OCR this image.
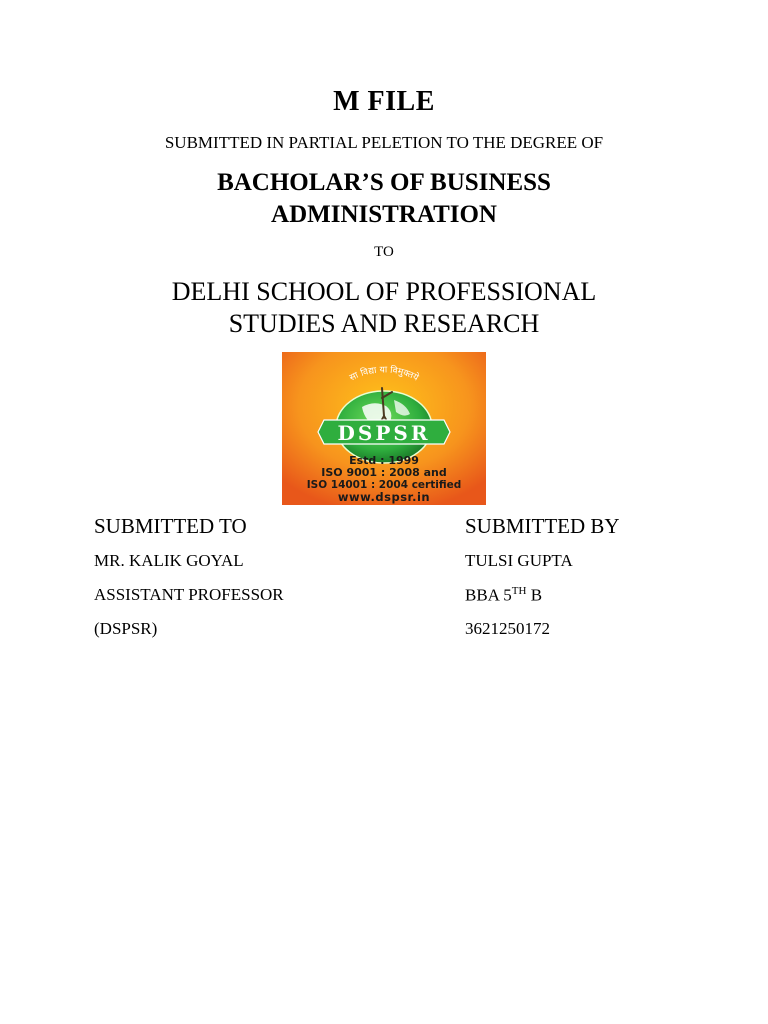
M FILE

SUBMITTED IN PARTIAL PELETION TO THE DEGREE OF

BACHOLAR’S OF BUSINESS
ADMINISTRATION

TO

DELHI SCHOOL OF PROFESSIONAL
STUDIES AND RESEARCH
सा विद्या या विमुक्तये
DSPSR
Estd : 1999
ISO 9001 : 2008 and
ISO 14001 : 2004 certified
www.dspsr.in
SUBMITTED TO
MR. KALIK GOYAL
ASSISTANT PROFESSOR
(DSPSR)
SUBMITTED BY
TULSI GUPTA
BBA 5TH B
3621250172
